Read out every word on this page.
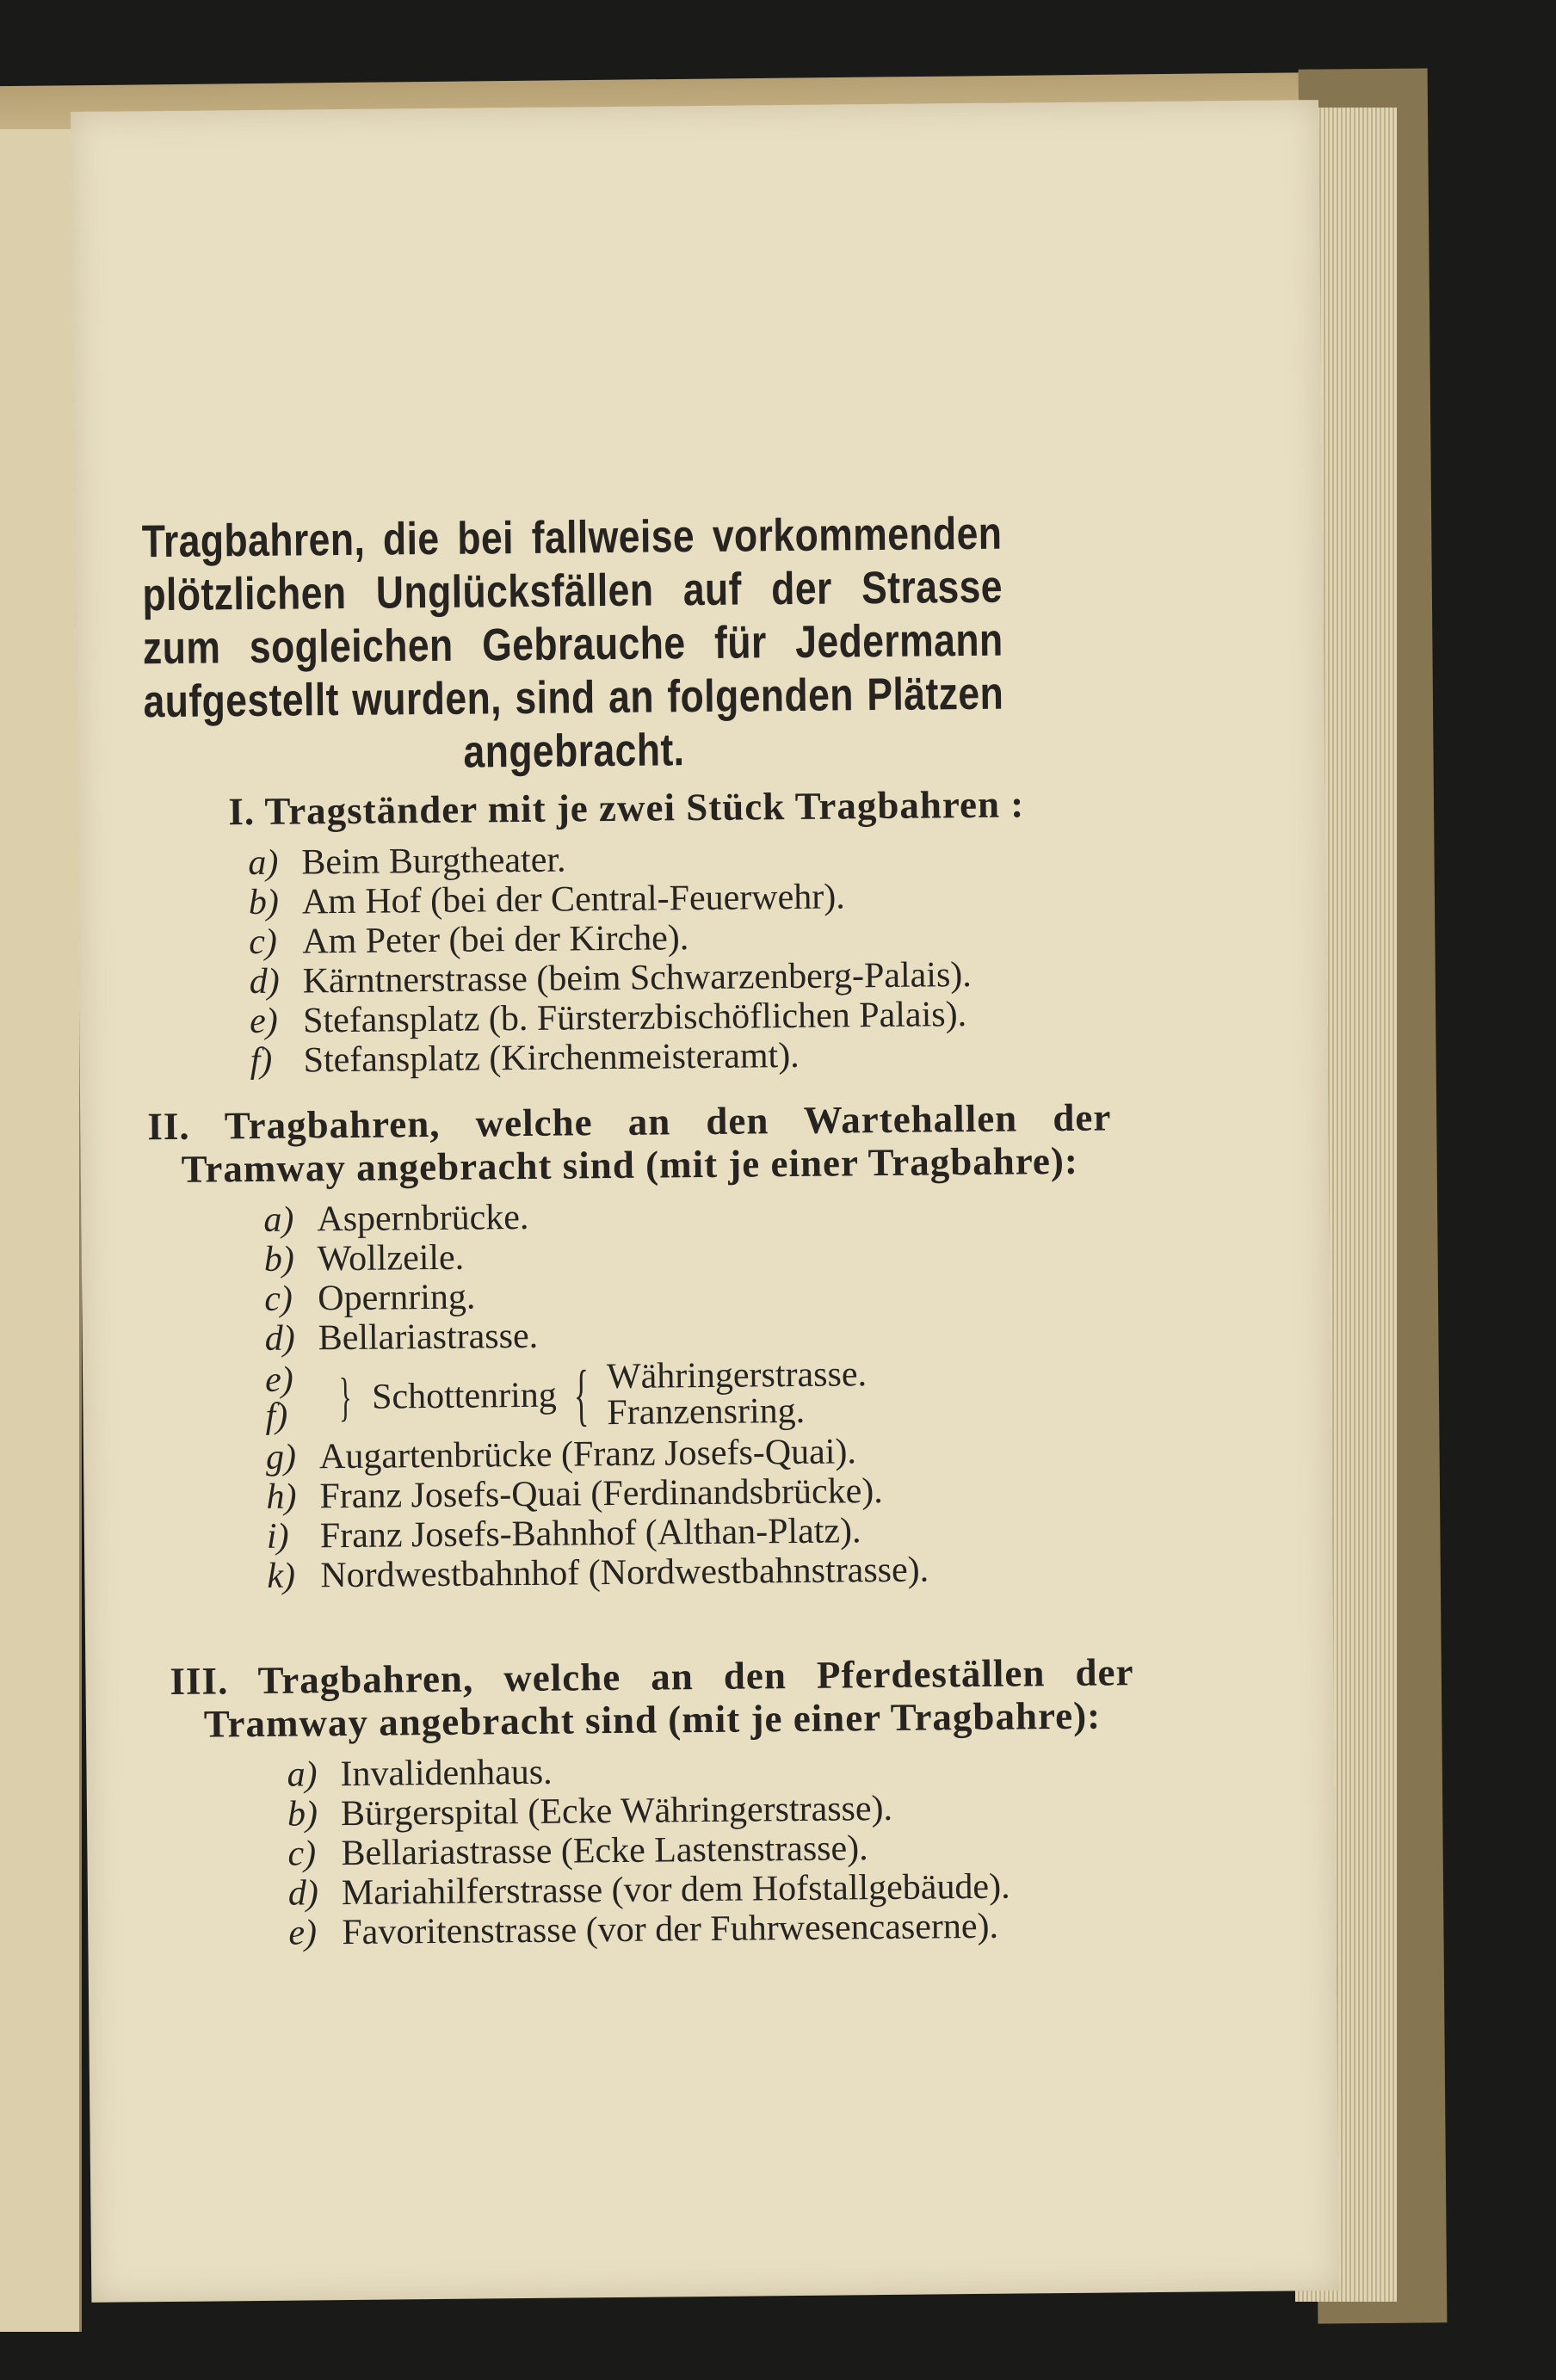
Tragbahren, die bei fallweise vorkommenden plötzlichen Unglücksfällen auf der Strasse zum sogleichen Gebrauche für Jedermann aufgestellt wurden, sind an folgenden Plätzen angebracht.
I. Tragständer mit je zwei Stück Tragbahren :
a) Beim Burgtheater.
b) Am Hof (bei der Central-Feuerwehr).
c) Am Peter (bei der Kirche).
d) Kärntnerstrasse (beim Schwarzenberg-Palais).
e) Stefansplatz (b. Fürsterzbischöflichen Palais).
f) Stefansplatz (Kirchenmeisteramt).
II. Tragbahren, welche an den Wartehallen der Tramway angebracht sind (mit je einer Tragbahre):
a) Aspernbrücke.
b) Wollzeile.
c) Opernring.
d) Bellariastrasse.
e)
f) } Schottenring { Währingerstrasse.
Franzensring.
g) Augartenbrücke (Franz Josefs-Quai).
h) Franz Josefs-Quai (Ferdinandsbrücke).
i) Franz Josefs-Bahnhof (Althan-Platz).
k) Nordwestbahnhof (Nordwestbahnstrasse).
III. Tragbahren, welche an den Pferdeställen der Tramway angebracht sind (mit je einer Tragbahre):
a) Invalidenhaus.
b) Bürgerspital (Ecke Währingerstrasse).
c) Bellariastrasse (Ecke Lastenstrasse).
d) Mariahilferstrasse (vor dem Hofstallgebäude).
e) Favoritenstrasse (vor der Fuhrwesencaserne).
